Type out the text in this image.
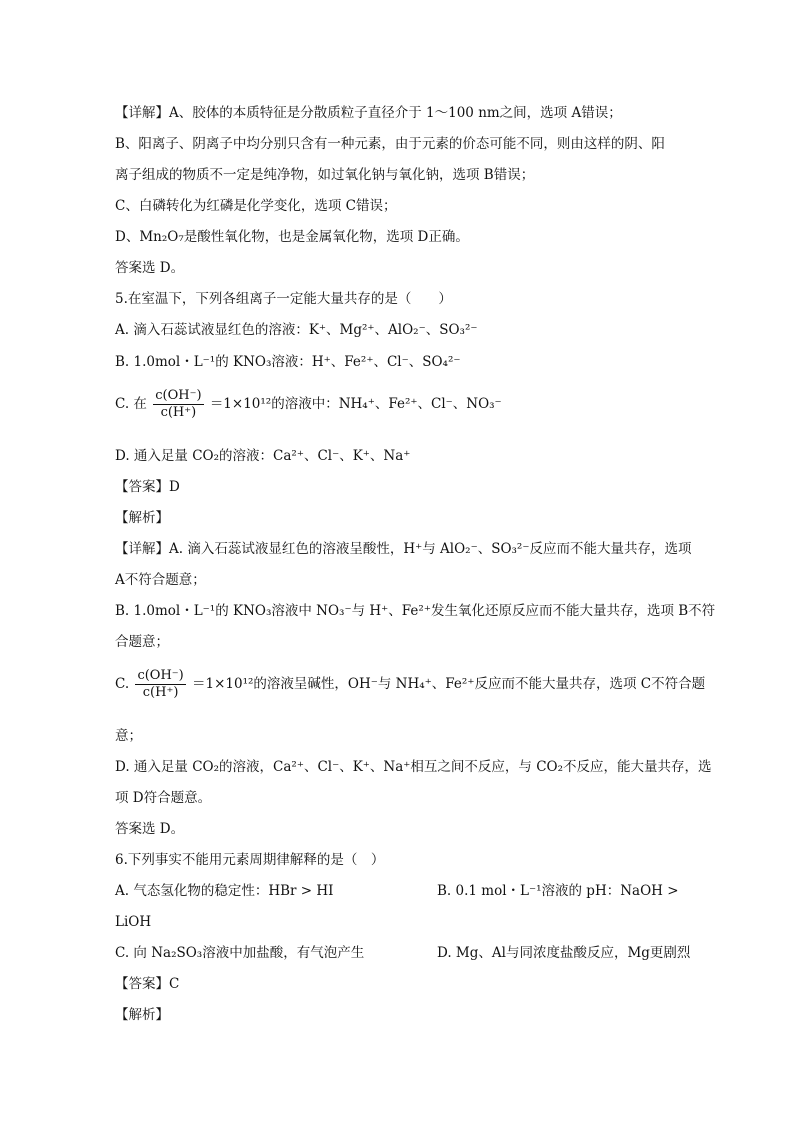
【详解】A、胶体的本质特征是分散质粒子直径介于 1～100 nm之间，选项 A错误；
B、阳离子、阴离子中均分别只含有一种元素，由于元素的价态可能不同，则由这样的阴、阳
离子组成的物质不一定是纯净物，如过氧化钠与氧化钠，选项 B错误；
C、白磷转化为红磷是化学变化，选项 C错误；
D、Mn₂O₇是酸性氧化物，也是金属氧化物，选项 D正确。
答案选 D。
5.在室温下，下列各组离子一定能大量共存的是（　　）
A. 滴入石蕊试液显红色的溶液：K⁺、Mg²⁺、AlO₂⁻、SO₃²⁻
B. 1.0mol・L⁻¹的 KNO₃溶液：H⁺、Fe²⁺、Cl⁻、SO₄²⁻
C. 在 $\frac{c(OH^-)}{c(H^+)} =1\times 10^{12}$的溶液中：NH₄⁺、Fe²⁺、Cl⁻、NO₃⁻
D. 通入足量 CO₂的溶液：Ca²⁺、Cl⁻、K⁺、Na⁺
【答案】D
【解析】
【详解】A. 滴入石蕊试液显红色的溶液呈酸性，H⁺与 AlO₂⁻、SO₃²⁻反应而不能大量共存，选项
A不符合题意；
B. 1.0mol・L⁻¹的 KNO₃溶液中 NO₃⁻与 H⁺、Fe²⁺发生氧化还原反应而不能大量共存，选项 B不符
合题意；
C. $\frac{c(OH^-)}{c(H^+)} =1\times 10^{12}$的溶液呈碱性，OH⁻与 NH₄⁺、Fe²⁺反应而不能大量共存，选项 C不符合题
意；
D. 通入足量 CO₂的溶液，Ca²⁺、Cl⁻、K⁺、Na⁺相互之间不反应，与 CO₂不反应，能大量共存，选
项 D符合题意。
答案选 D。
6.下列事实不能用元素周期律解释的是（　）
A. 气态氢化物的稳定性：HBr > HI	B. 0.1 mol・L⁻¹溶液的 pH：NaOH >
LiOH
C. 向 Na₂SO₃溶液中加盐酸，有气泡产生	D. Mg、Al与同浓度盐酸反应，Mg更剧烈
【答案】C
【解析】
